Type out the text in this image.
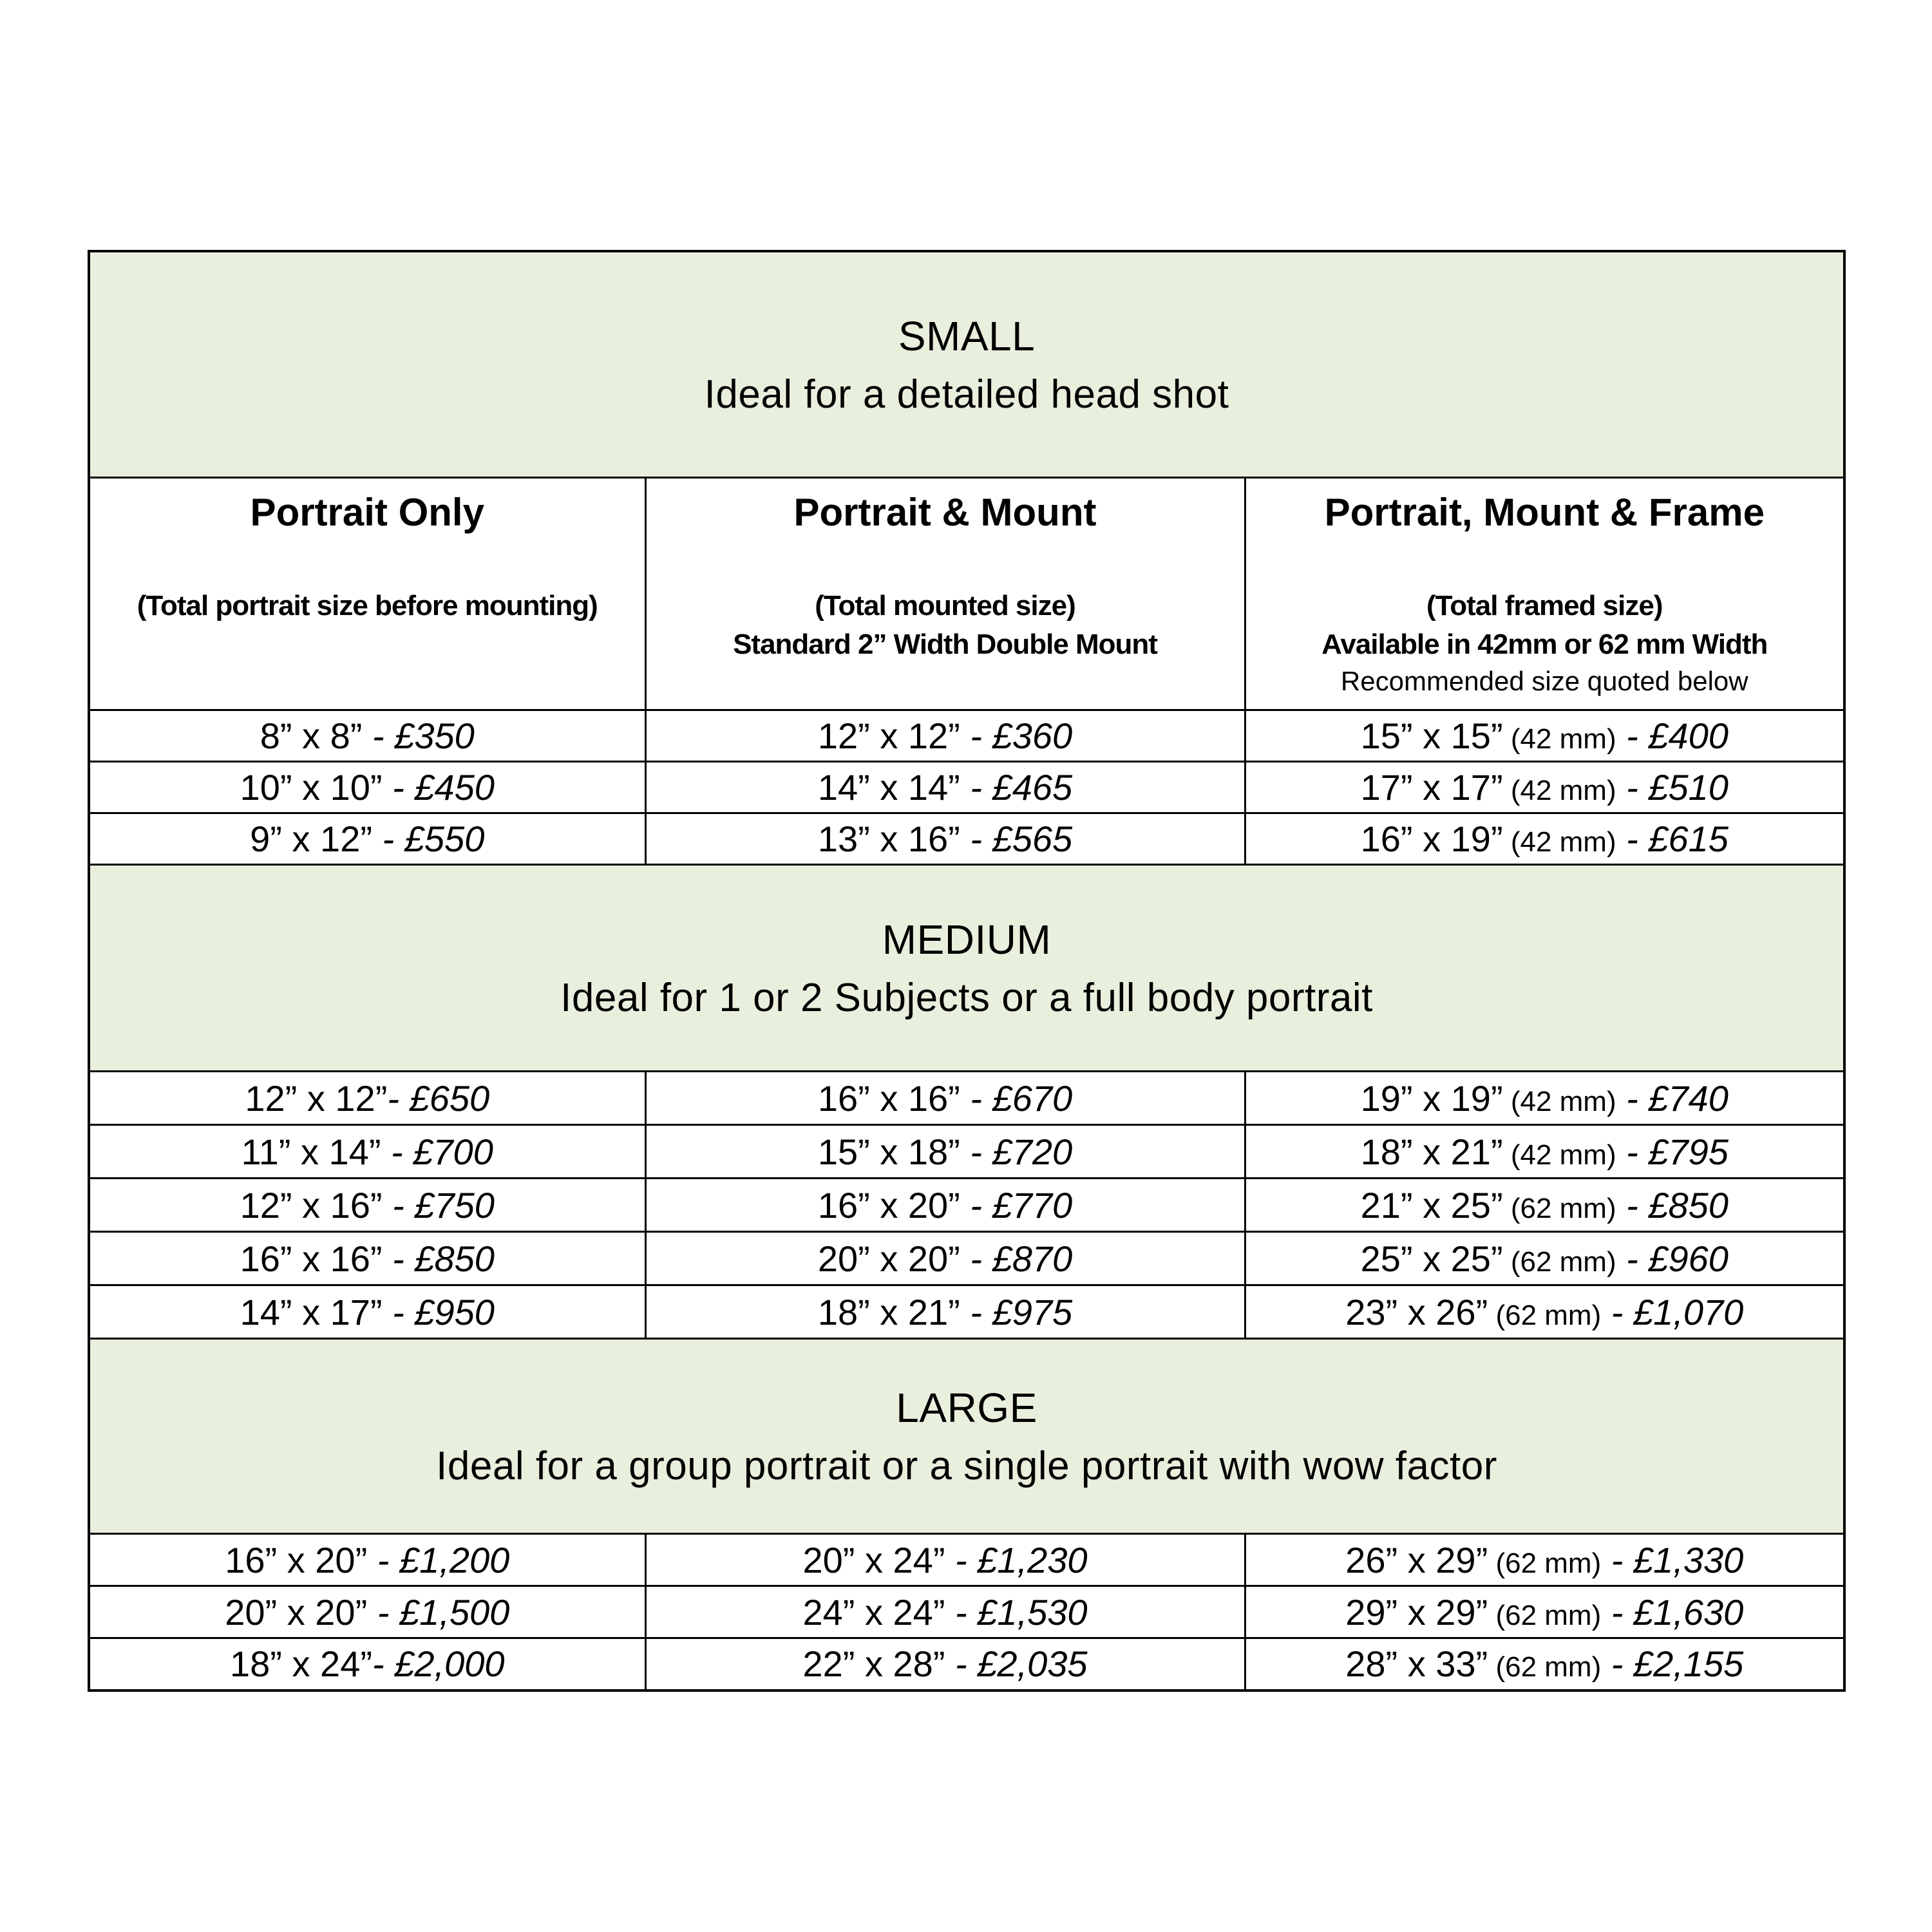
SMALL
Ideal for a detailed head shot		

Portrait Only
(Total portrait size before mounting)

Portrait & Mount
(Total mounted size)
Standard 2” Width Double Mount

Portrait, Mount & Frame
(Total framed size)
Available in 42mm or 62 mm Width
Recommended size quoted below

8” x 8” - £350	12” x 12” - £360	15” x 15” (42 mm) - £400
10” x 10” - £450	14” x 14” - £465	17” x 17” (42 mm) - £510
9” x 12” - £550	13” x 16” - £565	16” x 19” (42 mm) - £615

MEDIUM
Ideal for 1 or 2 Subjects or a full body portrait		

12” x 12”- £650	16” x 16” - £670	19” x 19” (42 mm) - £740
11” x 14” - £700	15” x 18” - £720	18” x 21” (42 mm) - £795
12” x 16” - £750	16” x 20” - £770	21” x 25” (62 mm) - £850
16” x 16” - £850	20” x 20” - £870	25” x 25” (62 mm) - £960
14” x 17” - £950	18” x 21” - £975	23” x 26” (62 mm) - £1,070

LARGE
Ideal for a group portrait or a single portrait with wow factor		

16” x 20” - £1,200	20” x 24” - £1,230	26” x 29” (62 mm) - £1,330
20” x 20” - £1,500	24” x 24” - £1,530	29” x 29” (62 mm) - £1,630
18” x 24”- £2,000	22” x 28” - £2,035	28” x 33” (62 mm) - £2,155
